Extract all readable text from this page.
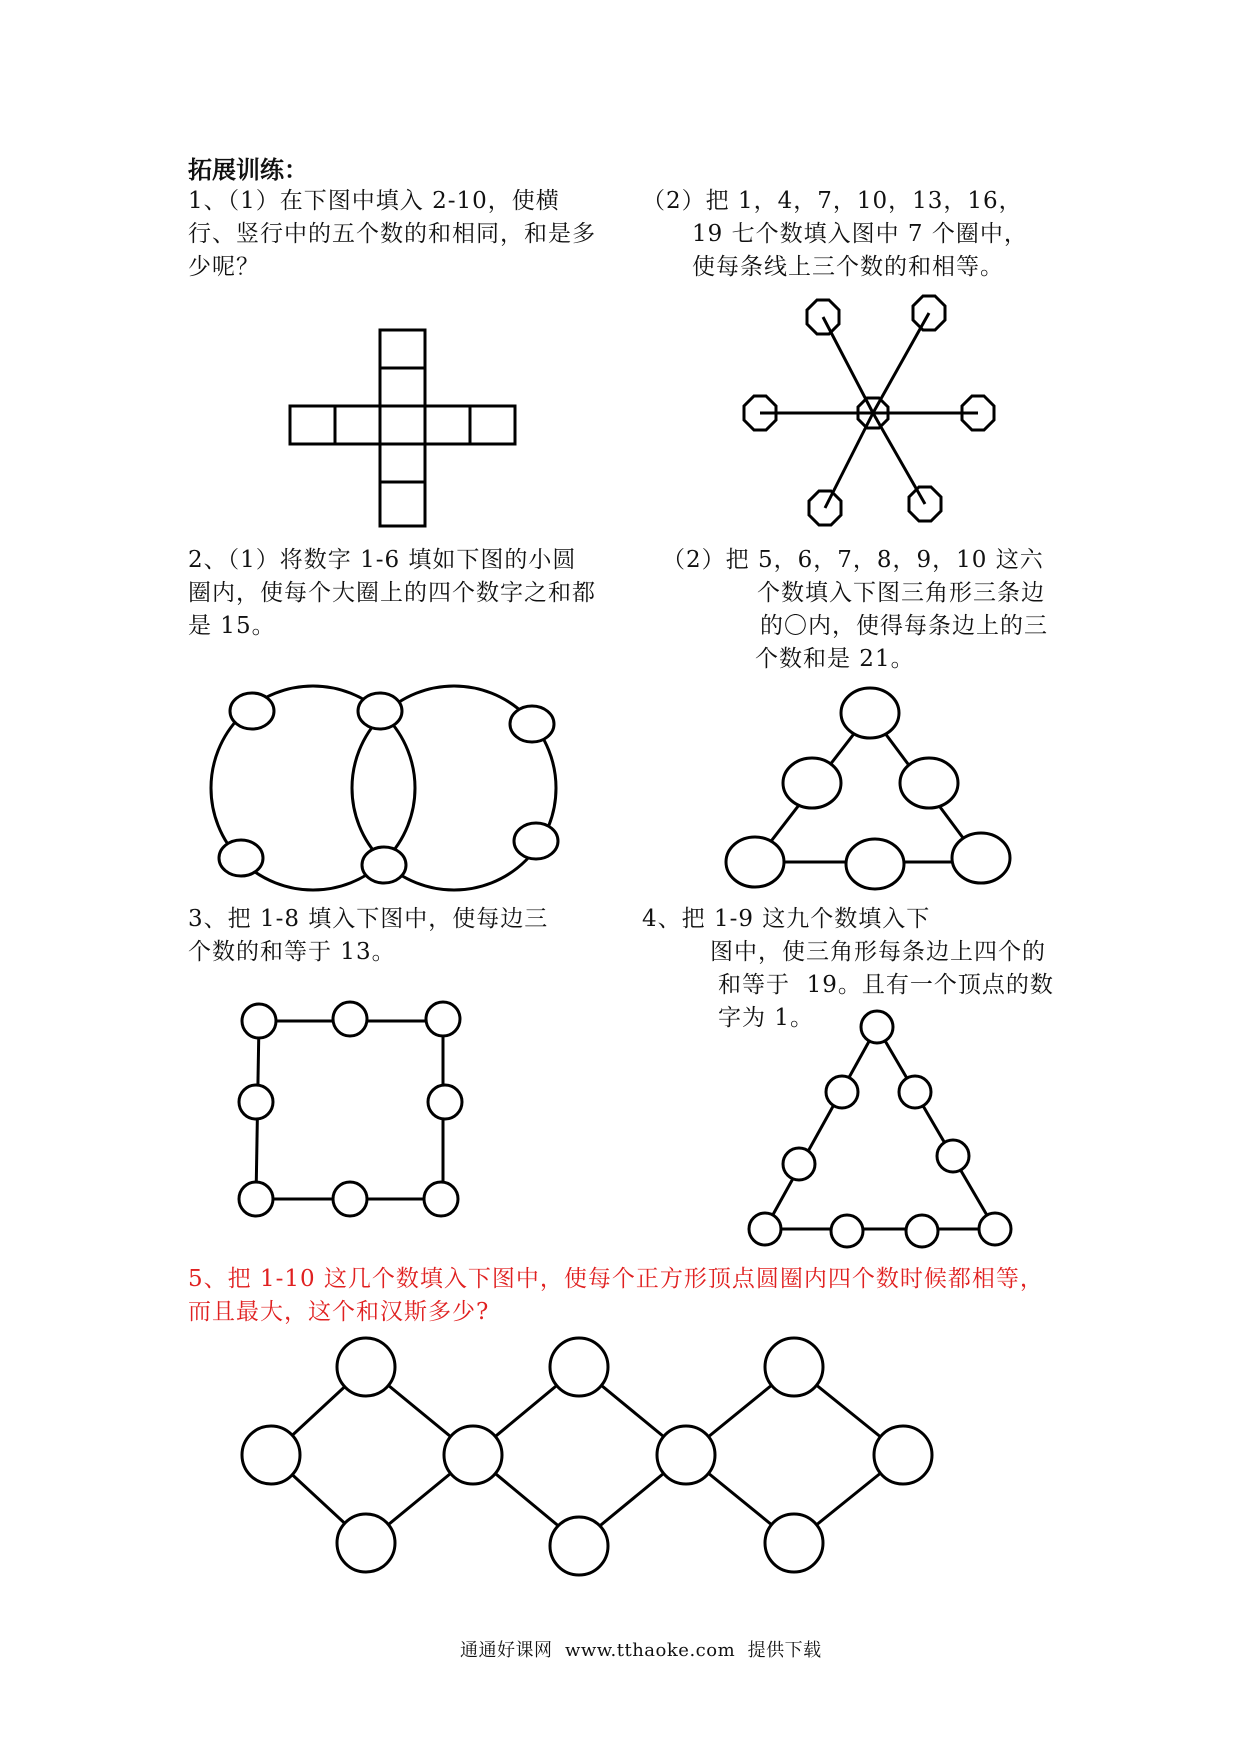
拓展训练：
1、（1）在下图中填入 2-10，使横
行、竖行中的五个数的和相同，和是多
少呢？
（2）把 1，4，7，10，13，16，
19 七个数填入图中 7 个圈中，
使每条线上三个数的和相等。
2、（1）将数字 1-6 填如下图的小圆
圈内，使每个大圈上的四个数字之和都
是 15。
（2）把 5，6，7，8，9，10 这六
个数填入下图三角形三条边
的〇内，使得每条边上的三
个数和是 21。
3、把 1-8 填入下图中，使每边三
个数的和等于 13。
4、把 1-9 这九个数填入下
图中，使三角形每条边上四个的
和等于  19。且有一个顶点的数
字为 1。
5、把 1-10 这几个数填入下图中，使每个正方形顶点圆圈内四个数时候都相等，
而且最大，这个和汉斯多少?
通通好课网  www.tthaoke.com  提供下载
